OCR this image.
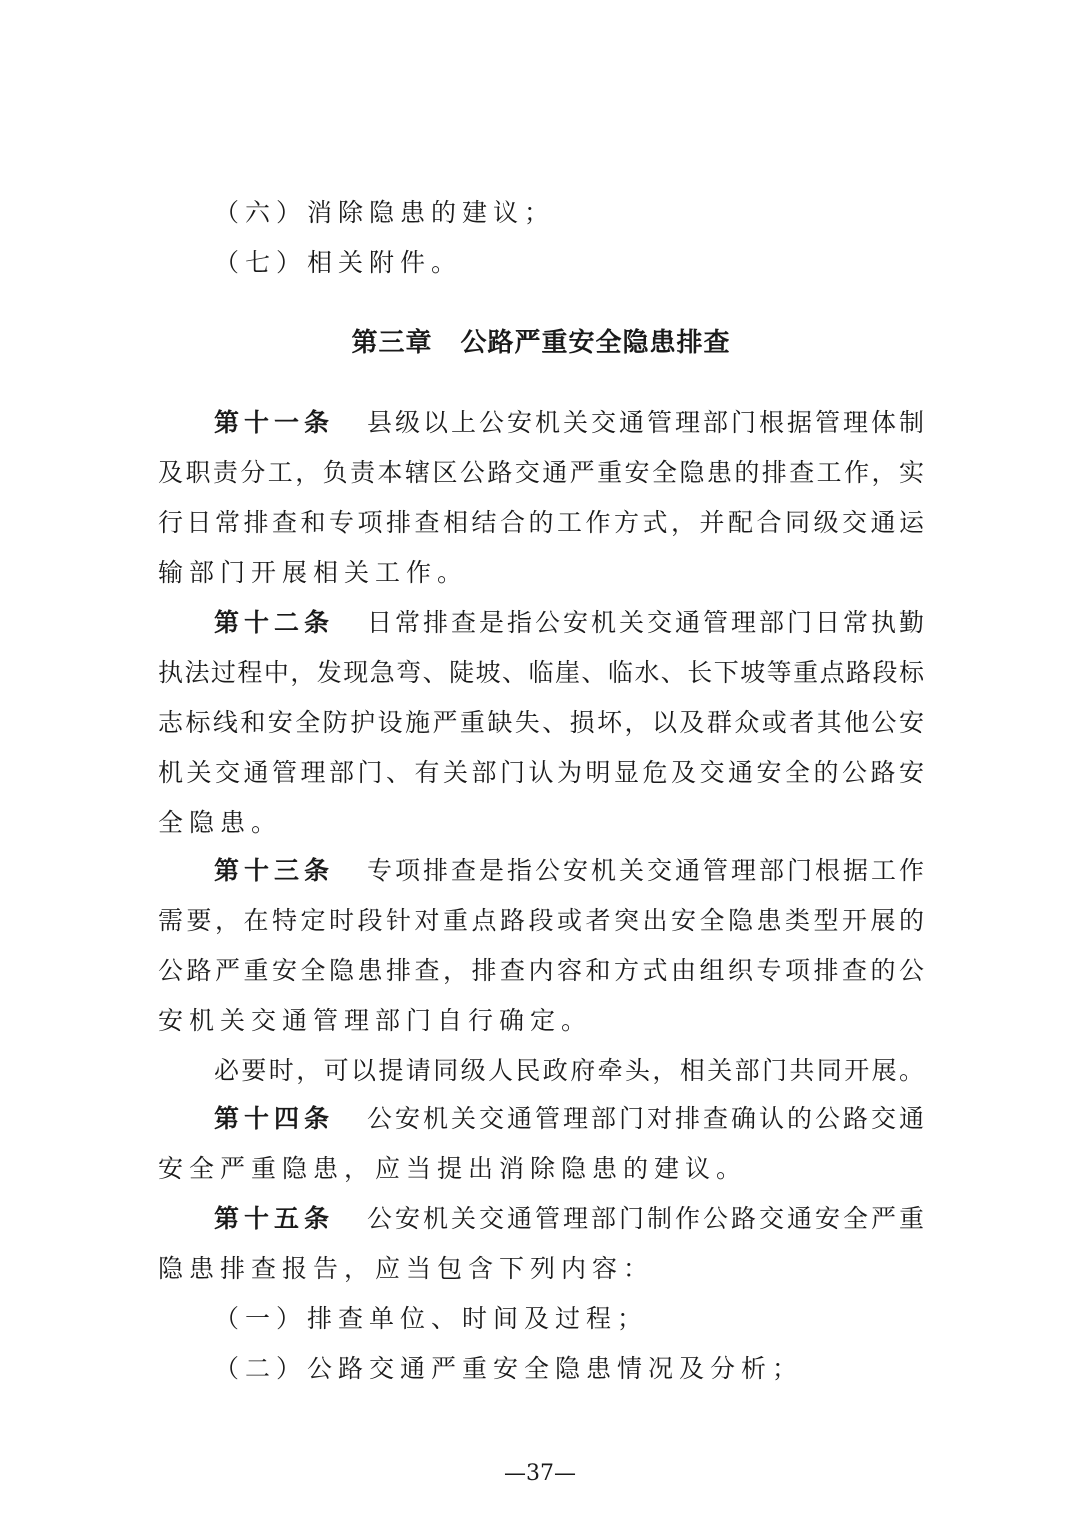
（六）消除隐患的建议；
（七）相关附件。
第三章 公路严重安全隐患排查
第十一条 县级以上公安机关交通管理部门根据管理体制
及职责分工，负责本辖区公路交通严重安全隐患的排查工作，实
行日常排查和专项排查相结合的工作方式，并配合同级交通运
输部门开展相关工作。
第十二条 日常排查是指公安机关交通管理部门日常执勤
执法过程中，发现急弯、陡坡、临崖、临水、长下坡等重点路段标
志标线和安全防护设施严重缺失、损坏，以及群众或者其他公安
机关交通管理部门、有关部门认为明显危及交通安全的公路安
全隐患。
第十三条 专项排查是指公安机关交通管理部门根据工作
需要，在特定时段针对重点路段或者突出安全隐患类型开展的
公路严重安全隐患排查，排查内容和方式由组织专项排查的公
安机关交通管理部门自行确定。
必要时，可以提请同级人民政府牵头，相关部门共同开展。
第十四条 公安机关交通管理部门对排查确认的公路交通
安全严重隐患，应当提出消除隐患的建议。
第十五条 公安机关交通管理部门制作公路交通安全严重
隐患排查报告，应当包含下列内容：
（一）排查单位、时间及过程；
（二）公路交通严重安全隐患情况及分析；
—37—
